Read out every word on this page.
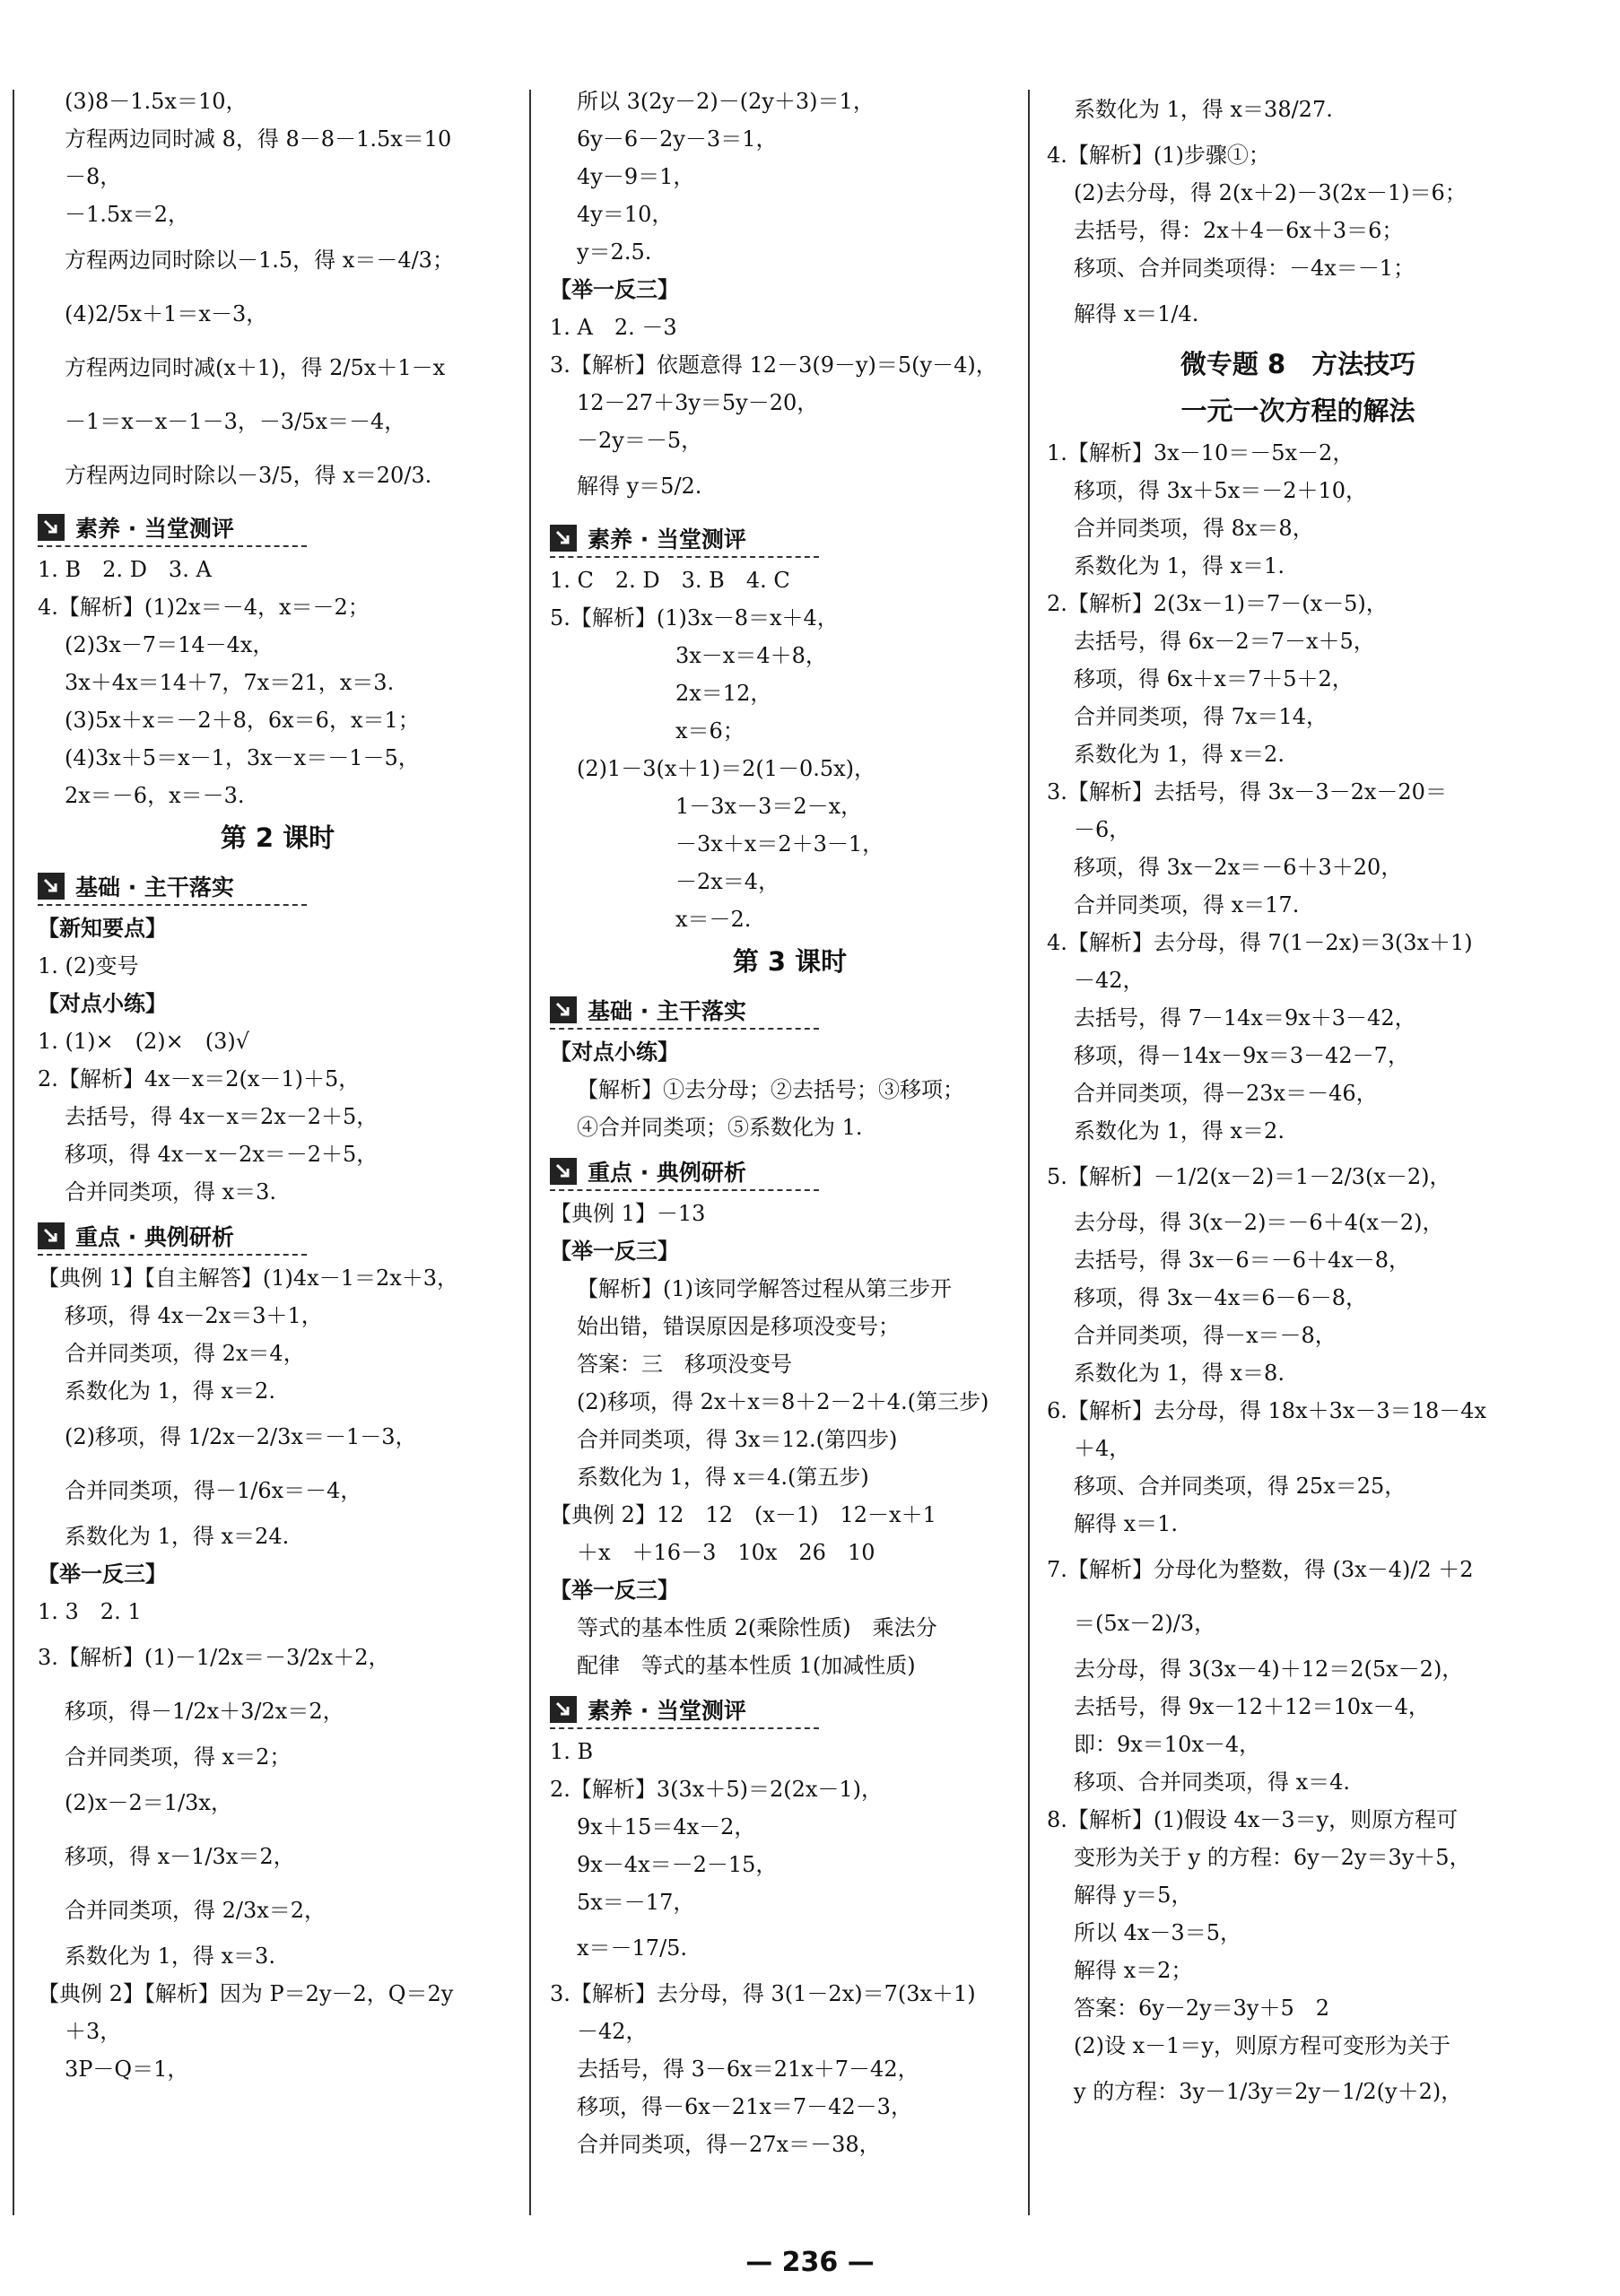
(3)8－1.5x＝10，
方程两边同时减 8，得 8－8－1.5x＝10
－8，
－1.5x＝2，
方程两边同时除以－1.5，得 x＝－4/3；
(4)2/5x＋1＝x－3，
方程两边同时减(x＋1)，得 2/5x＋1－x
－1＝x－x－1－3，－3/5x＝－4，
方程两边同时除以－3/5，得 x＝20/3.
素养 · 当堂测评
1. B　2. D　3. A
4.【解析】(1)2x＝－4，x＝－2；
(2)3x－7＝14－4x，
3x＋4x＝14＋7，7x＝21，x＝3.
(3)5x＋x＝－2＋8，6x＝6，x＝1；
(4)3x＋5＝x－1，3x－x＝－1－5，
2x＝－6，x＝－3.
第 2 课时
基础 · 主干落实
【新知要点】
1. (2)变号
【对点小练】
1. (1)×　(2)×　(3)√
2.【解析】4x－x＝2(x－1)＋5，
去括号，得 4x－x＝2x－2＋5，
移项，得 4x－x－2x＝－2＋5，
合并同类项，得 x＝3.
重点 · 典例研析
【典例 1】【自主解答】(1)4x－1＝2x＋3，
移项，得 4x－2x＝3＋1，
合并同类项，得 2x＝4，
系数化为 1，得 x＝2.
(2)移项，得 1/2x－2/3x＝－1－3，
合并同类项，得－1/6x＝－4，
系数化为 1，得 x＝24.
【举一反三】
1. 3　2. 1
3.【解析】(1)－1/2x＝－3/2x＋2，
移项，得－1/2x＋3/2x＝2，
合并同类项，得 x＝2；
(2)x－2＝1/3x，
移项，得 x－1/3x＝2，
合并同类项，得 2/3x＝2，
系数化为 1，得 x＝3.
【典例 2】【解析】因为 P＝2y－2，Q＝2y
＋3，
3P－Q＝1，
所以 3(2y－2)－(2y＋3)＝1，
6y－6－2y－3＝1，
4y－9＝1，
4y＝10，
y＝2.5.
【举一反三】
1. A　2. －3
3.【解析】依题意得 12－3(9－y)＝5(y－4)，
12－27＋3y＝5y－20，
－2y＝－5，
解得 y＝5/2.
素养 · 当堂测评
1. C　2. D　3. B　4. C
5.【解析】(1)3x－8＝x＋4，
3x－x＝4＋8，
2x＝12，
x＝6；
(2)1－3(x＋1)＝2(1－0.5x)，
1－3x－3＝2－x，
－3x＋x＝2＋3－1，
－2x＝4，
x＝－2.
第 3 课时
基础 · 主干落实
【对点小练】
【解析】①去分母；②去括号；③移项；
④合并同类项；⑤系数化为 1.
重点 · 典例研析
【典例 1】－13
【举一反三】
【解析】(1)该同学解答过程从第三步开
始出错，错误原因是移项没变号；
答案：三　移项没变号
(2)移项，得 2x＋x＝8＋2－2＋4.(第三步)
合并同类项，得 3x＝12.(第四步)
系数化为 1，得 x＝4.(第五步)
【典例 2】12　12　(x－1)　12－x＋1
＋x　＋16－3　10x　26　10
【举一反三】
等式的基本性质 2(乘除性质)　乘法分
配律　等式的基本性质 1(加减性质)
素养 · 当堂测评
1. B
2.【解析】3(3x＋5)＝2(2x－1)，
9x＋15＝4x－2，
9x－4x＝－2－15，
5x＝－17，
x＝－17/5.
3.【解析】去分母，得 3(1－2x)＝7(3x＋1)
－42，
去括号，得 3－6x＝21x＋7－42，
移项，得－6x－21x＝7－42－3，
合并同类项，得－27x＝－38，
系数化为 1，得 x＝38/27.
4.【解析】(1)步骤①；
(2)去分母，得 2(x＋2)－3(2x－1)＝6；
去括号，得：2x＋4－6x＋3＝6；
移项、合并同类项得：－4x＝－1；
解得 x＝1/4.
微专题 8　方法技巧
一元一次方程的解法
1.【解析】3x－10＝－5x－2，
移项，得 3x＋5x＝－2＋10，
合并同类项，得 8x＝8，
系数化为 1，得 x＝1.
2.【解析】2(3x－1)＝7－(x－5)，
去括号，得 6x－2＝7－x＋5，
移项，得 6x＋x＝7＋5＋2，
合并同类项，得 7x＝14，
系数化为 1，得 x＝2.
3.【解析】去括号，得 3x－3－2x－20＝
－6，
移项，得 3x－2x＝－6＋3＋20，
合并同类项，得 x＝17.
4.【解析】去分母，得 7(1－2x)＝3(3x＋1)
－42，
去括号，得 7－14x＝9x＋3－42，
移项，得－14x－9x＝3－42－7，
合并同类项，得－23x＝－46，
系数化为 1，得 x＝2.
5.【解析】－1/2(x－2)＝1－2/3(x－2)，
去分母，得 3(x－2)＝－6＋4(x－2)，
去括号，得 3x－6＝－6＋4x－8，
移项，得 3x－4x＝6－6－8，
合并同类项，得－x＝－8，
系数化为 1，得 x＝8.
6.【解析】去分母，得 18x＋3x－3＝18－4x
＋4，
移项、合并同类项，得 25x＝25，
解得 x＝1.
7.【解析】分母化为整数，得 (3x－4)/2 ＋2
＝(5x－2)/3，
去分母，得 3(3x－4)＋12＝2(5x－2)，
去括号，得 9x－12＋12＝10x－4，
即：9x＝10x－4，
移项、合并同类项，得 x＝4.
8.【解析】(1)假设 4x－3＝y，则原方程可
变形为关于 y 的方程：6y－2y＝3y＋5，
解得 y＝5，
所以 4x－3＝5，
解得 x＝2；
答案：6y－2y＝3y＋5　2
(2)设 x－1＝y，则原方程可变形为关于
y 的方程：3y－1/3y＝2y－1/2(y＋2)，
— 236 —
